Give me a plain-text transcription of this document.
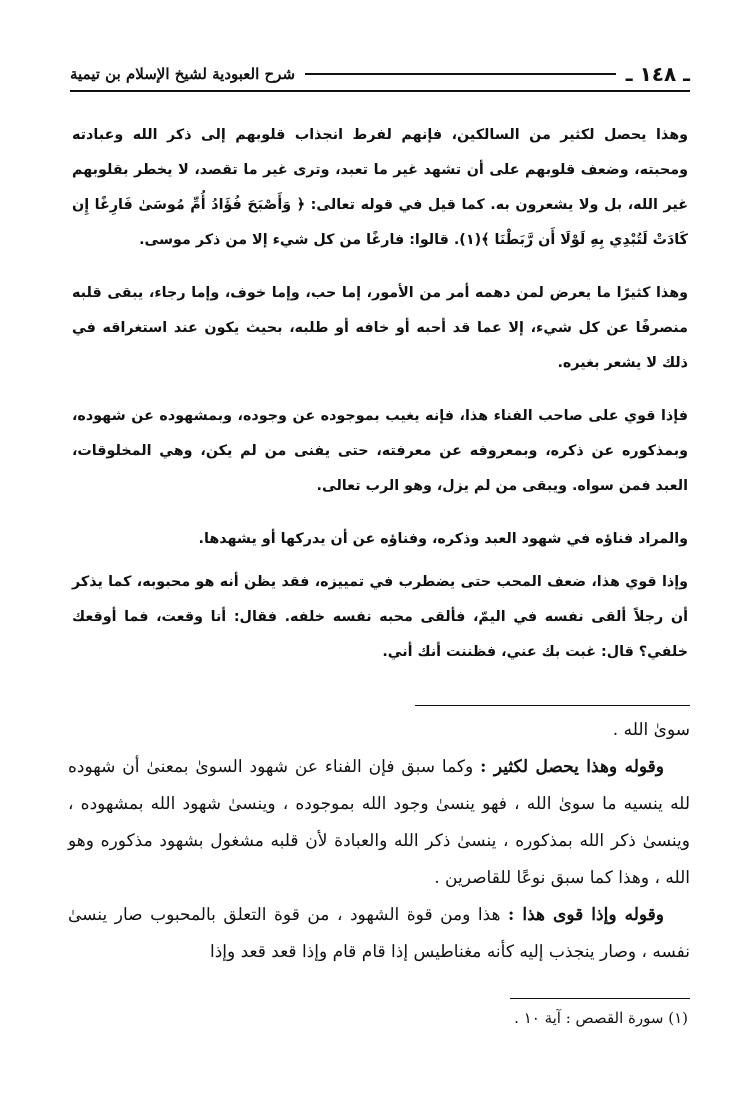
ـ ١٤٨ ـ
شرح العبودية لشيخ الإسلام بن تيمية

وهذا يحصل لكثير من السالكين، فإنهم لفرط انجذاب قلوبهم إلى ذكر الله وعبادته ومحبته، وضعف قلوبهم على أن تشهد غير ما تعبد، وترى غير ما تقصد، لا يخطر بقلوبهم غير الله، بل ولا يشعرون به. كما قيل في قوله تعالى: ﴿ وَأَصْبَحَ فُؤَادُ أُمِّ مُوسَىٰ فَارِغًا إِن كَادَتْ لَتُبْدِي بِهِ لَوْلَا أَن رَّبَطْنَا ﴾(١). قالوا: فارغًا من كل شيء إلا من ذكر موسى.

وهذا كثيرًا ما يعرض لمن دهمه أمر من الأمور، إما حب، وإما خوف، وإما رجاء، يبقى قلبه منصرفًا عن كل شيء، إلا عما قد أحبه أو خافه أو طلبه، بحيث يكون عند استغراقه في ذلك لا يشعر بغيره.

فإذا قوي على صاحب الفناء هذا، فإنه يغيب بموجوده عن وجوده، وبمشهوده عن شهوده، وبمذكوره عن ذكره، وبمعروفه عن معرفته، حتى يفنى من لم يكن، وهي المخلوقات، العبد فمن سواه. ويبقى من لم يزل، وهو الرب تعالى.

والمراد فناؤه في شهود العبد وذكره، وفناؤه عن أن يدركها أو يشهدها.

وإذا قوي هذا، ضعف المحب حتى يضطرب في تمييزه، فقد يظن أنه هو محبوبه، كما يذكر أن رجلاً ألقى نفسه في اليمّ، فألقى محبه نفسه خلفه. فقال: أنا وقعت، فما أوقعك خلفي؟ قال: غبت بك عني، فظننت أنك أني.

سوىٰ الله .

وقوله وهذا يحصل لكثير : وكما سبق فإن الفناء عن شهود السوىٰ بمعنىٰ أن شهوده لله ينسيه ما سوىٰ الله ، فهو ينسىٰ وجود الله بموجوده ، وينسىٰ شهود الله بمشهوده ، وينسىٰ ذكر الله بمذكوره ، ينسىٰ ذكر الله والعبادة لأن قلبه مشغول بشهود مذكوره وهو الله ، وهذا كما سبق نوعًا للقاصرين .

وقوله وإذا قوى هذا : هذا ومن قوة الشهود ، من قوة التعلق بالمحبوب صار ينسىٰ نفسه ، وصار ينجذب إليه كأنه مغناطيس إذا قام قام وإذا قعد قعد وإذا

(١) سورة القصص : آية ١٠ .
